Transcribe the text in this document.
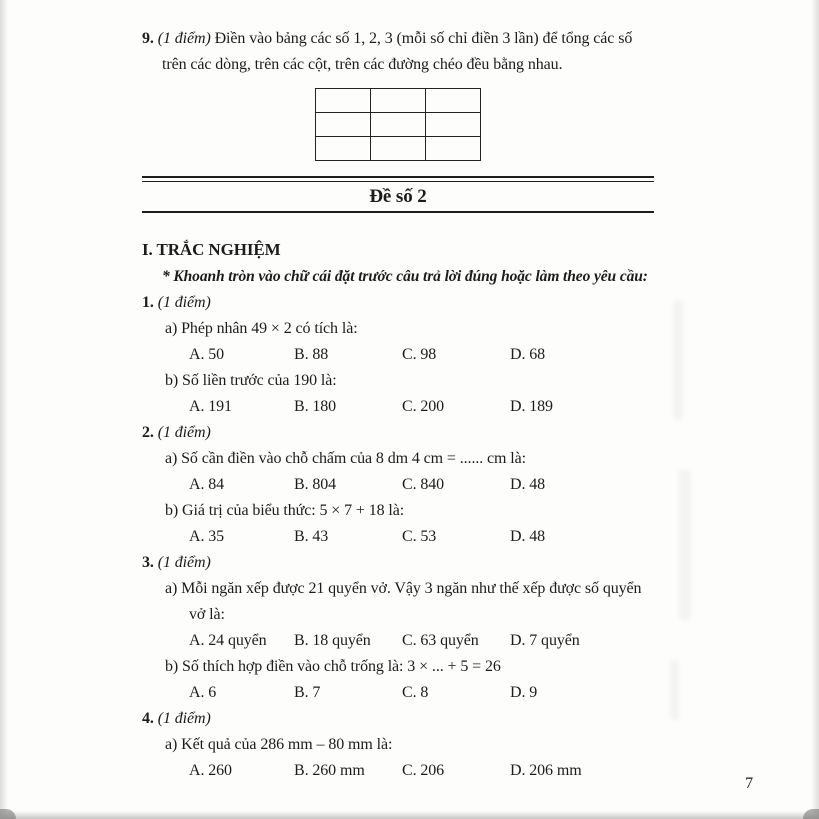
9. (1 điểm) Điền vào bảng các số 1, 2, 3 (mỗi số chỉ điền 3 lần) để tổng các số trên các dòng, trên các cột, trên các đường chéo đều bằng nhau.

Đề số 2
I. TRẮC NGHIỆM
* Khoanh tròn vào chữ cái đặt trước câu trả lời đúng hoặc làm theo yêu cầu:
1. (1 điểm)
a) Phép nhân 49 × 2 có tích là:
A. 50	B. 88	C. 98	D. 68
b) Số liền trước của 190 là:
A. 191	B. 180	C. 200	D. 189
2. (1 điểm)
a) Số cần điền vào chỗ chấm của 8 dm 4 cm = ...... cm là:
A. 84	B. 804	C. 840	D. 48
b) Giá trị của biểu thức: 5 × 7 + 18 là:
A. 35	B. 43	C. 53	D. 48
3. (1 điểm)
a) Mỗi ngăn xếp được 21 quyển vở. Vậy 3 ngăn như thế xếp được số quyển vở là:
A. 24 quyển	B. 18 quyển	C. 63 quyển	D. 7 quyển
b) Số thích hợp điền vào chỗ trống là: 3 × ... + 5 = 26
A. 6	B. 7	C. 8	D. 9
4. (1 điểm)
a) Kết quả của 286 mm – 80 mm là:
A. 260	B. 260 mm	C. 206	D. 206 mm
7
